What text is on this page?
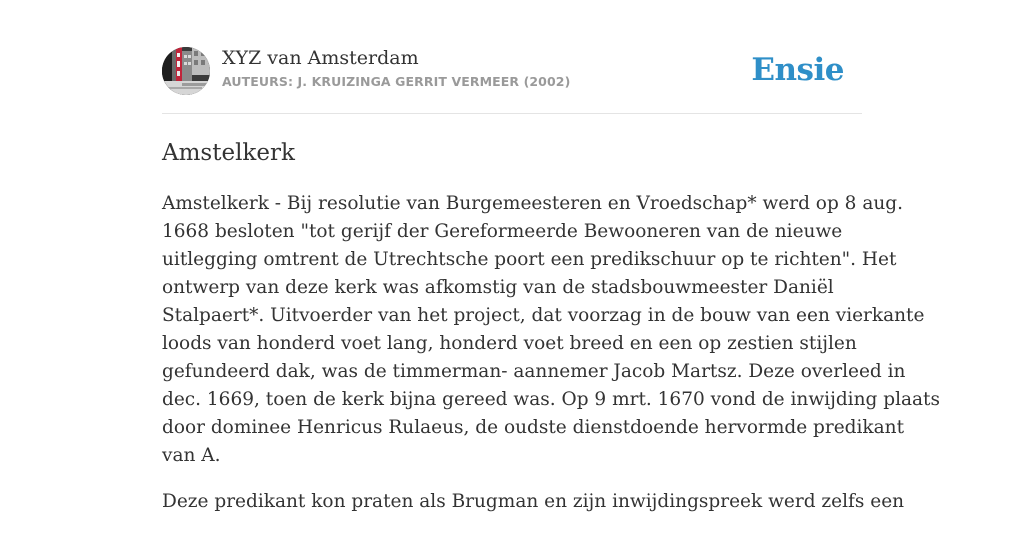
XYZ van Amsterdam
AUTEURS: J. KRUIZINGA GERRIT VERMEER (2002)	Ensie
Amstelkerk

Amstelkerk - Bij resolutie van Burgemeesteren en Vroedschap* werd op 8 aug.
1668 besloten "tot gerijf der Gereformeerde Bewooneren van de nieuwe
uitlegging omtrent de Utrechtsche poort een predikschuur op te richten". Het
ontwerp van deze kerk was afkomstig van de stadsbouwmeester Daniël
Stalpaert*. Uitvoerder van het project, dat voorzag in de bouw van een vierkante
loods van honderd voet lang, honderd voet breed en een op zestien stijlen
gefundeerd dak, was de timmerman- aannemer Jacob Martsz. Deze overleed in
dec. 1669, toen de kerk bijna gereed was. Op 9 mrt. 1670 vond de inwijding plaats
door dominee Henricus Rulaeus, de oudste dienstdoende hervormde predikant
van A.

Deze predikant kon praten als Brugman en zijn inwijdingspreek werd zelfs een
